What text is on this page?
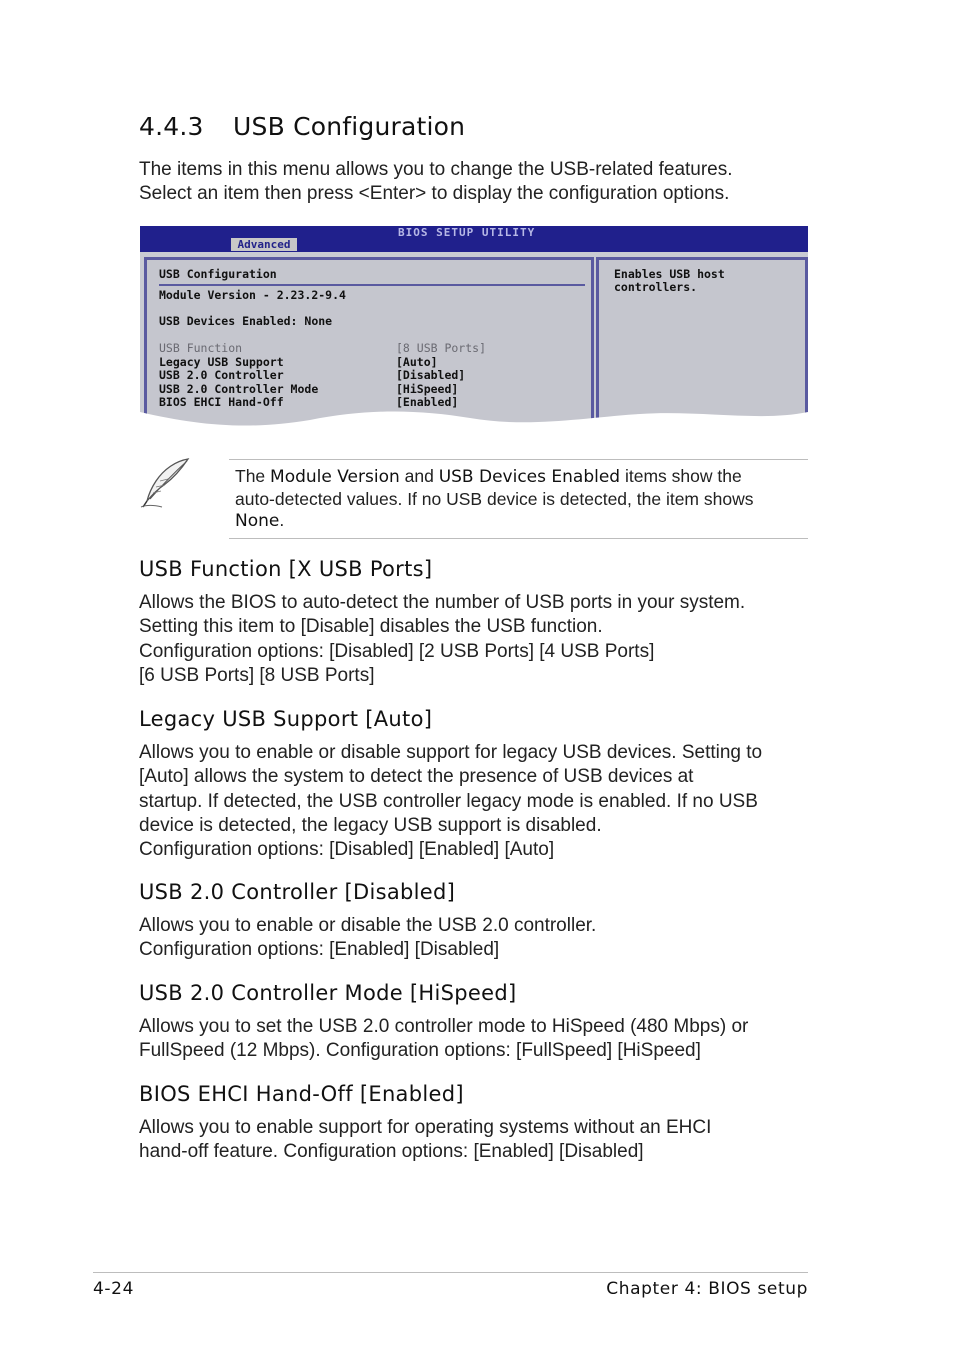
4.4.3 USB Configuration
The items in this menu allows you to change the USB-related features.
Select an item then press <Enter> to display the configuration options.
BIOS SETUP UTILITY
Advanced
USB Configuration
Module Version - 2.23.2-9.4
USB Devices Enabled: None
USB Function	[8 USB Ports]
Legacy USB Support	[Auto]
USB 2.0 Controller	[Disabled]
USB 2.0 Controller Mode	[HiSpeed]
BIOS EHCI Hand-Off	[Enabled]
Enables USB host
controllers.
The Module Version and USB Devices Enabled items show the
auto-detected values. If no USB device is detected, the item shows
None.
USB Function [X USB Ports]
Allows the BIOS to auto-detect the number of USB ports in your system.
Setting this item to [Disable] disables the USB function.
Configuration options: [Disabled] [2 USB Ports] [4 USB Ports]
[6 USB Ports] [8 USB Ports]
Legacy USB Support [Auto]
Allows you to enable or disable support for legacy USB devices. Setting to
[Auto] allows the system to detect the presence of USB devices at
startup. If detected, the USB controller legacy mode is enabled. If no USB
device is detected, the legacy USB support is disabled.
Configuration options: [Disabled] [Enabled] [Auto]
USB 2.0 Controller [Disabled]
Allows you to enable or disable the USB 2.0 controller.
Configuration options: [Enabled] [Disabled]
USB 2.0 Controller Mode [HiSpeed]
Allows you to set the USB 2.0 controller mode to HiSpeed (480 Mbps) or
FullSpeed (12 Mbps). Configuration options: [FullSpeed] [HiSpeed]
BIOS EHCI Hand-Off [Enabled]
Allows you to enable support for operating systems without an EHCI
hand-off feature. Configuration options: [Enabled] [Disabled]
4-24	Chapter 4: BIOS setup
